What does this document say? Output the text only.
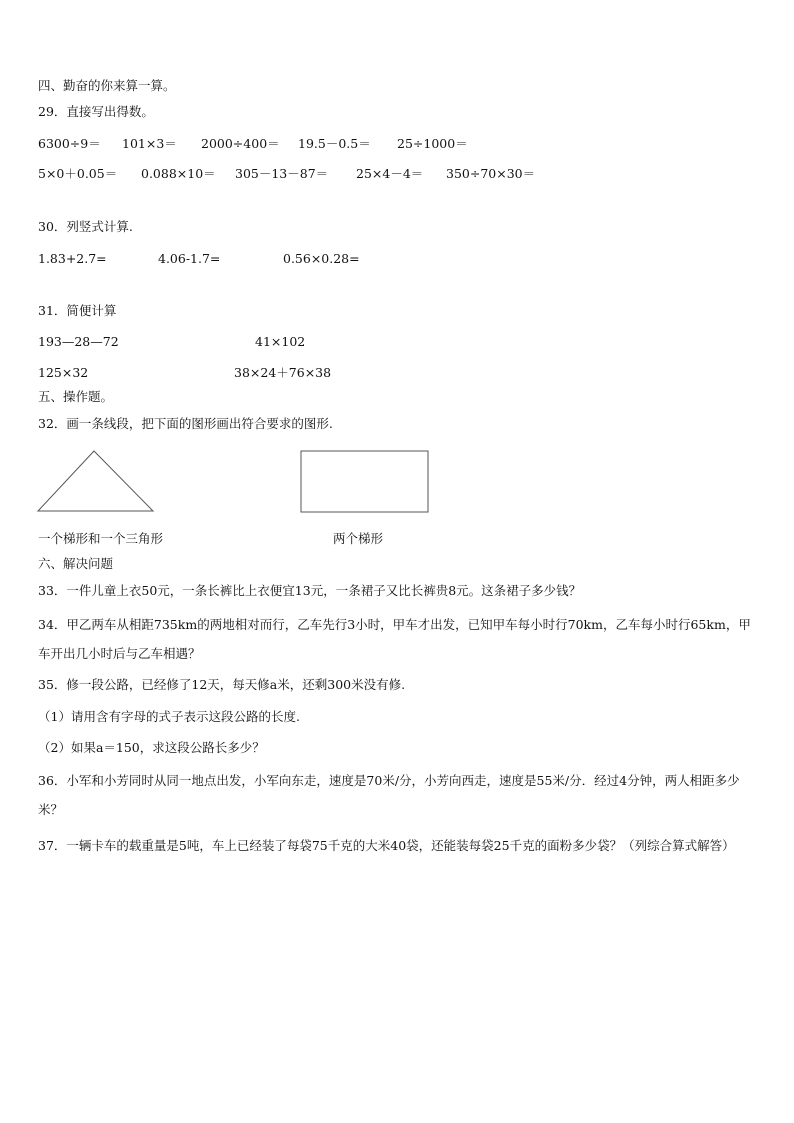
四、勤奋的你来算一算。

29．直接写出得数。

6300÷9＝ 101×3＝ 2000÷400＝ 19.5－0.5＝ 25÷1000＝
5×0＋0.05＝ 0.088×10＝ 305－13－87＝ 25×4－4＝ 350÷70×30＝

30．列竖式计算.

1.83+2.7=	4.06-1.7=	0.56×0.28=

31．简便计算

193—28—72	41×102
125×32	38×24＋76×38

五、操作题。

32．画一条线段，把下面的图形画出符合要求的图形.

一个梯形和一个三角形	两个梯形

六、解决问题

33．一件儿童上衣50元，一条长裤比上衣便宜13元，一条裙子又比长裤贵8元。这条裙子多少钱？

34．甲乙两车从相距735km的两地相对而行，乙车先行3小时，甲车才出发，已知甲车每小时行70km，乙车每小时行65km，甲车开出几小时后与乙车相遇？

35．修一段公路，已经修了12天，每天修a米，还剩300米没有修.

（1）请用含有字母的式子表示这段公路的长度.

（2）如果a＝150，求这段公路长多少？

36．小军和小芳同时从同一地点出发，小军向东走，速度是70米/分，小芳向西走，速度是55米/分．经过4分钟，两人相距多少米？

37．一辆卡车的载重量是5吨，车上已经装了每袋75千克的大米40袋，还能装每袋25千克的面粉多少袋？（列综合算式解答）
